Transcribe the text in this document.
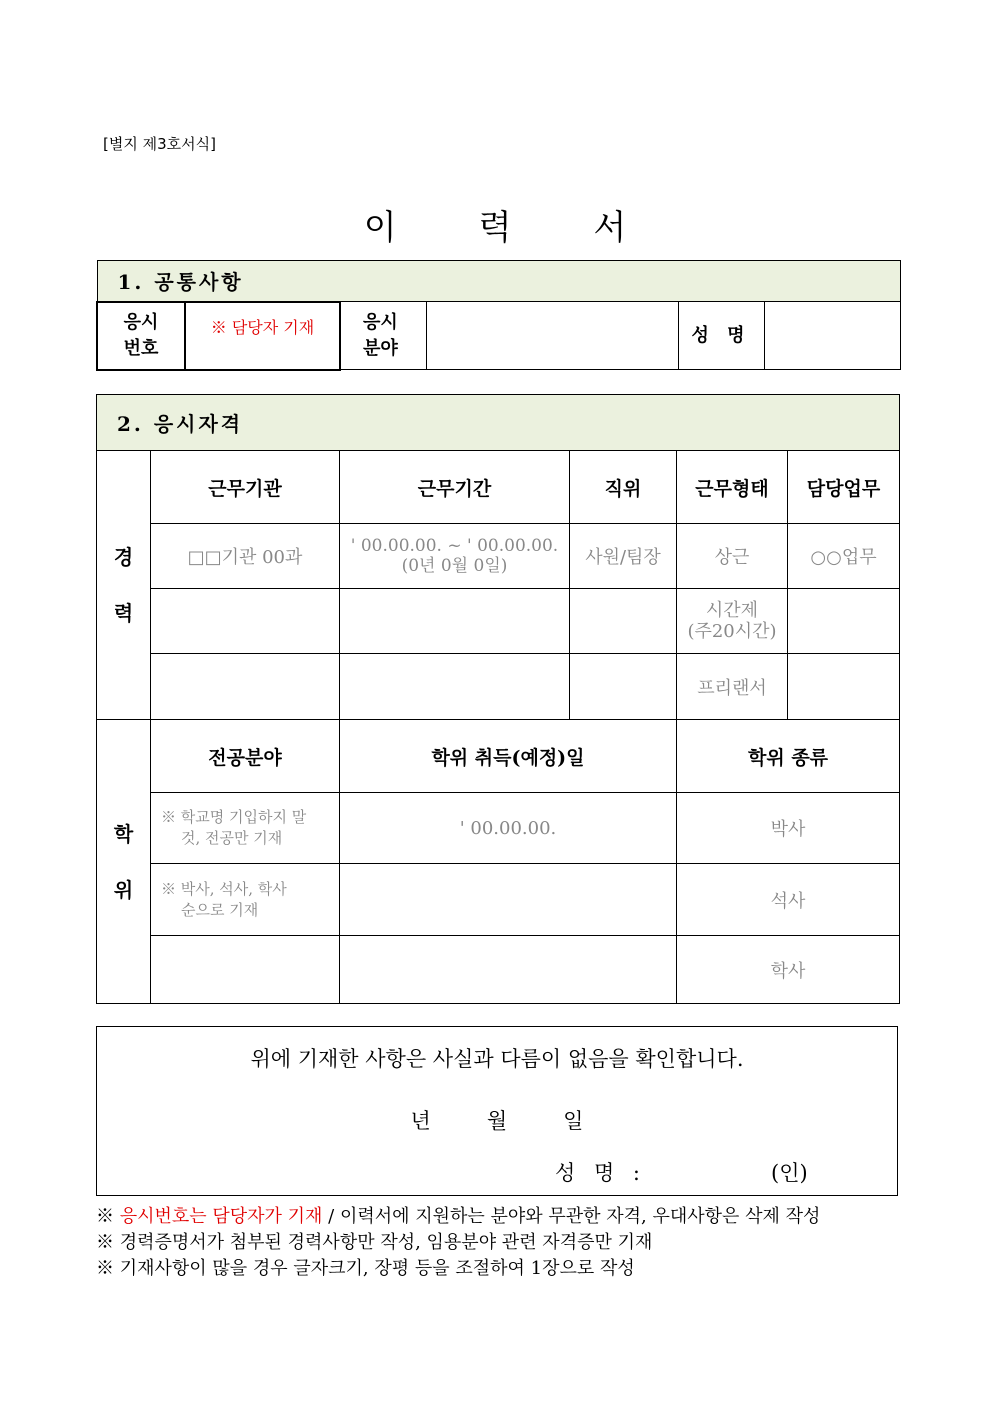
[별지 제3호서식]
이 력 서
1. 공통사항

응시
번호
	※ 담당자 기재	응시
분야
		성 명	
2. 응시자격					

경
력	근무기관	근무기간	직위	근무형태	담당업무
	□□기관 00과	' 00.00.00. ~ ' 00.00.00.
(0년 0월 0일)	사원/팀장	상근	○○업무

				시간제
(주20시간)	

				프리랜서	

학
위	전공분야	학위 취득(예정)일		학위 종류	

	※ 학교명 기입하지 말
것, 전공만 기재	' 00.00.00.		박사	

	※ 박사, 석사, 학사
순으로 기재			석사	
				학사	
위에 기재한 사항은 사실과 다름이 없음을 확인합니다.
년	월	일
성 명 :	(인)
※ 응시번호는 담당자가 기재 / 이력서에 지원하는 분야와 무관한 자격, 우대사항은 삭제 작성
※ 경력증명서가 첨부된 경력사항만 작성, 임용분야 관련 자격증만 기재
※ 기재사항이 많을 경우 글자크기, 장평 등을 조절하여 1장으로 작성
